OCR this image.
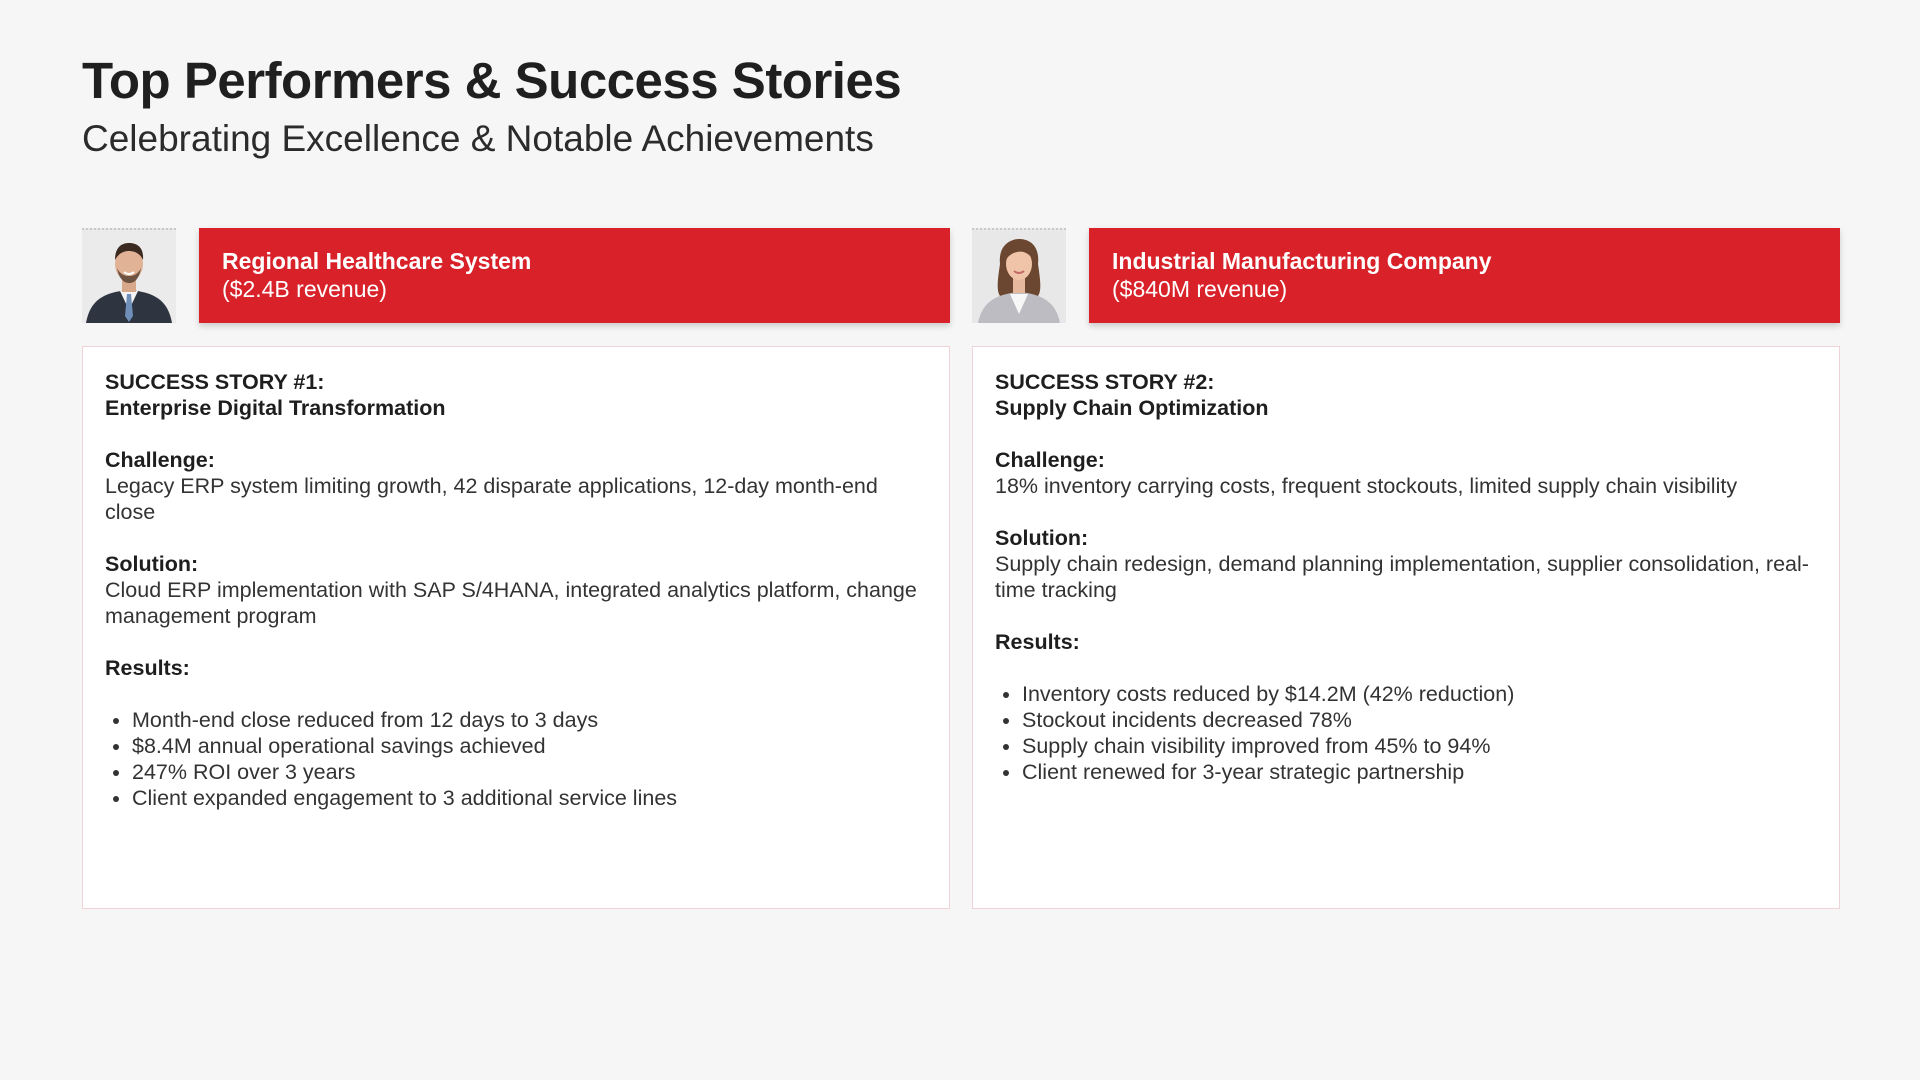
Top Performers & Success Stories
Celebrating Excellence & Notable Achievements
Regional Healthcare System
($2.4B revenue)
SUCCESS STORY #1:
Enterprise Digital Transformation
Challenge:
Legacy ERP system limiting growth, 42 disparate applications, 12-day month-end close
Solution:
Cloud ERP implementation with SAP S/4HANA, integrated analytics platform, change management program
Results:
• Month-end close reduced from 12 days to 3 days
• $8.4M annual operational savings achieved
• 247% ROI over 3 years
• Client expanded engagement to 3 additional service lines
Industrial Manufacturing Company
($840M revenue)
SUCCESS STORY #2:
Supply Chain Optimization
Challenge:
18% inventory carrying costs, frequent stockouts, limited supply chain visibility
Solution:
Supply chain redesign, demand planning implementation, supplier consolidation, real-time tracking
Results:
• Inventory costs reduced by $14.2M (42% reduction)
• Stockout incidents decreased 78%
• Supply chain visibility improved from 45% to 94%
• Client renewed for 3-year strategic partnership
